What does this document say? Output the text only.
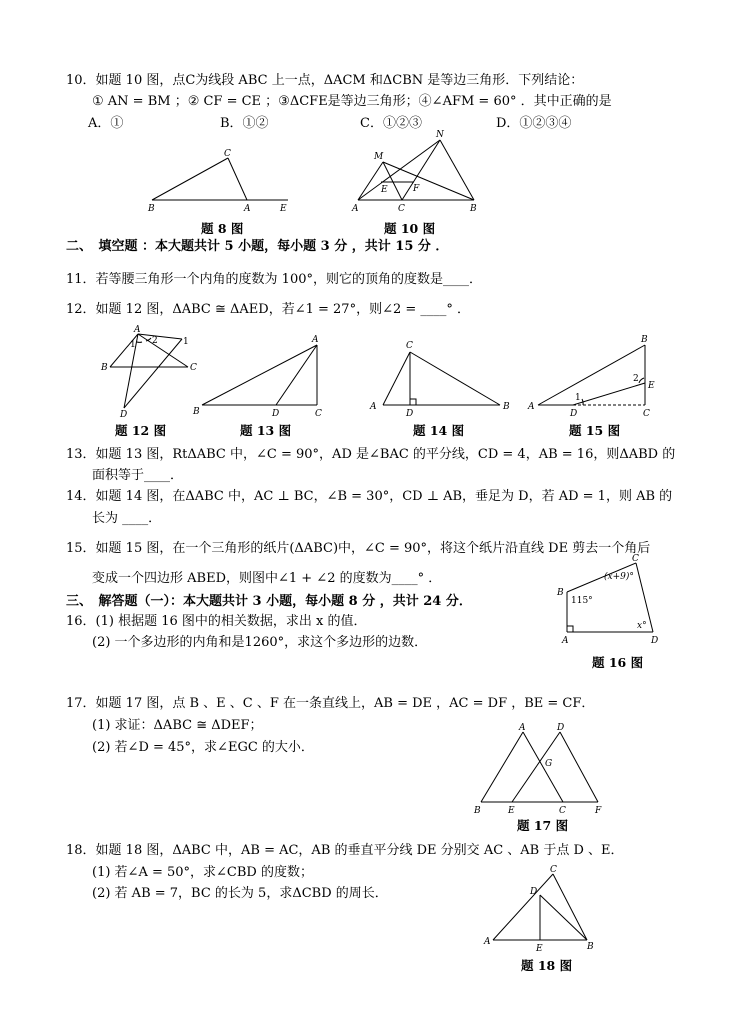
10．如题 10 图，点C为线段 ABC 上一点，ΔACM 和ΔCBN 是等边三角形．下列结论：
① AN = BM ；② CF = CE ；③ΔCFE是等边三角形；④∠AFM = 60° ．其中正确的是
A．①	B．①②	C．①②③	D．①②③④
B
C
A	E	A	C	B
M
N
E	F
A
B	C
D
1 2	1
B	D	C
A
A
D
B
C
A
D	C
B
E
1
2
A
B
C
D
115°
(x+9)°
x°
B	E	C	F
A	D
G
A
E	B
C
D
题 8 图	题 10 图
二、　填空题 ：本大题共计 5 小题，每小题 3 分 ，共计 15 分 ．
11．若等腰三角形一个内角的度数为 100°，则它的顶角的度数是____．
12．如题 12 图，ΔABC ≅ ΔAED，若∠1 = 27°，则∠2 = ____° ．
题 12 图	题 13 图	题 14 图	题 15 图
13．如题 13 图，RtΔABC 中，∠C = 90°，AD 是∠BAC 的平分线，CD = 4，AB = 16，则ΔABD 的
面积等于____．
14．如题 14 图，在ΔABC 中，AC ⊥ BC，∠B = 30°，CD ⊥ AB，垂足为 D，若 AD = 1，则 AB 的
长为 ____．
15．如题 15 图，在一个三角形的纸片(ΔABC)中，∠C = 90°，将这个纸片沿直线 DE 剪去一个角后
变成一个四边形 ABED，则图中∠1 + ∠2 的度数为____° ．
三、　解答题（一）：本大题共计 3 小题，每小题 8 分 ，共计 24 分．
16．(1) 根据题 16 图中的相关数据，求出 x 的值．
(2) 一个多边形的内角和是1260°，求这个多边形的边数．
题 16 图
17．如题 17 图，点 B 、E 、C 、F 在一条直线上，AB = DE ，AC = DF ，BE = CF．
(1) 求证：ΔABC ≅ ΔDEF；
(2) 若∠D = 45°，求∠EGC 的大小．
题 17 图
18．如题 18 图，ΔABC 中，AB = AC，AB 的垂直平分线 DE 分别交 AC 、AB 于点 D 、E．
(1) 若∠A = 50°，求∠CBD 的度数；
(2) 若 AB = 7，BC 的长为 5，求ΔCBD 的周长．
题 18 图
